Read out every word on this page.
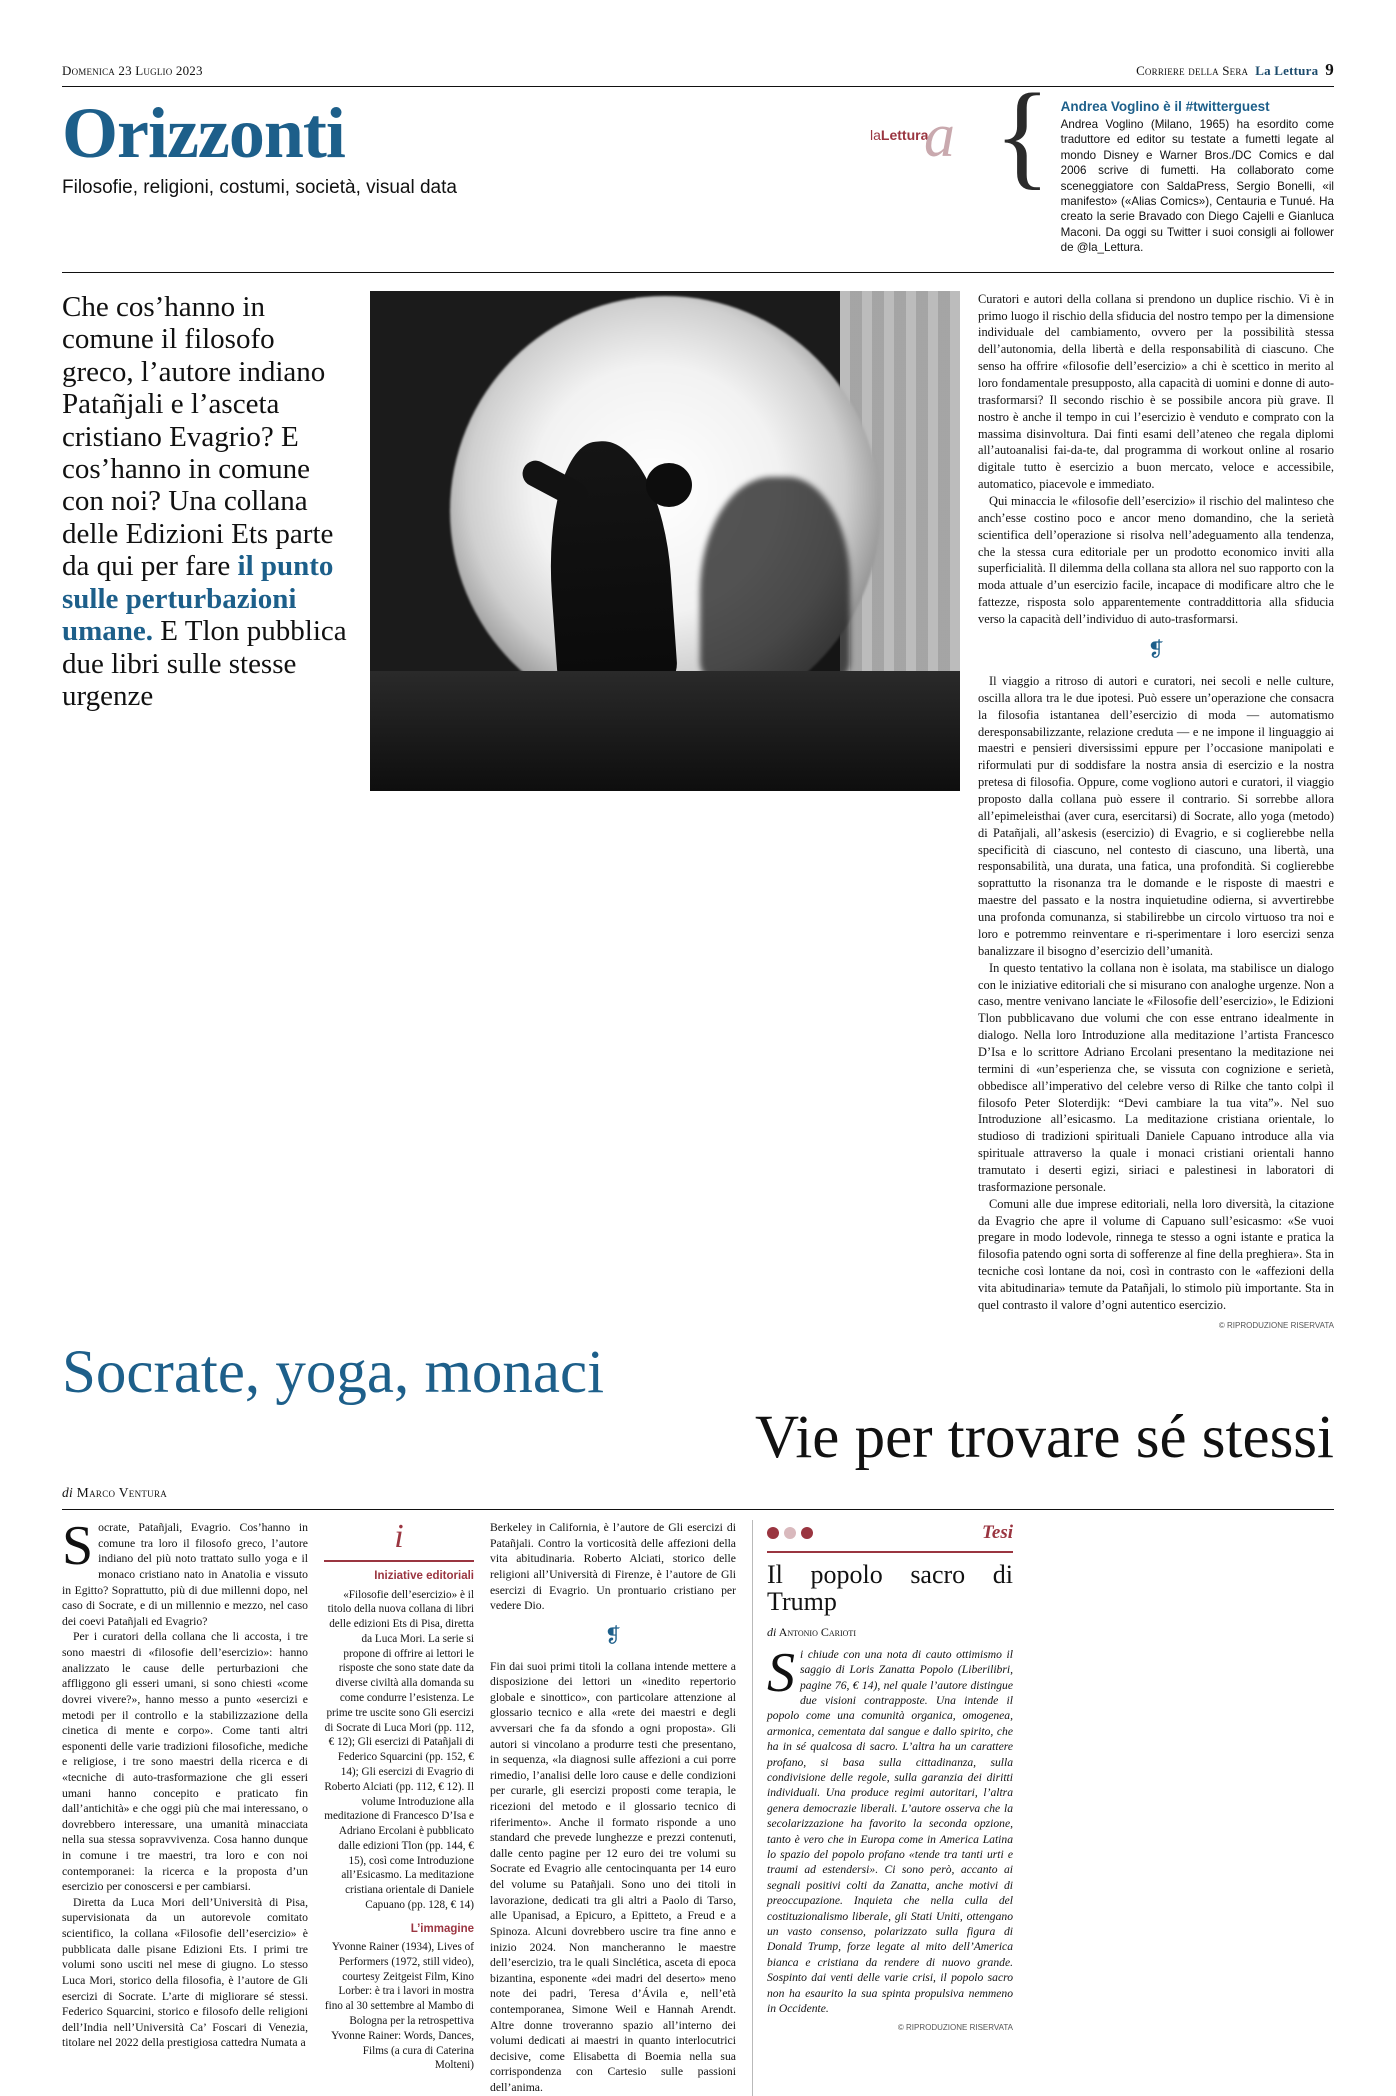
Domenica 23 Luglio 2023	Corriere della Sera La Lettura 9
Orizzonti
Filosofie, religioni, costumi, società, visual data
laLettura
a { Andrea Voglino è il #twitterguest
Andrea Voglino (Milano, 1965) ha esordito come traduttore ed editor su testate a fumetti legate al mondo Disney e Warner Bros./DC Comics e dal 2006 scrive di fumetti. Ha collaborato come sceneggiatore con SaldaPress, Sergio Bonelli, «il manifesto» («Alias Comics»), Centauria e Tunué. Ha creato la serie Bravado con Diego Cajelli e Gianluca Maconi. Da oggi su Twitter i suoi consigli ai follower de @la_Lettura.
Che cos’hanno in comune il filosofo greco, l’autore indiano Patañjali e l’asceta cristiano Evagrio? E cos’hanno in comune con noi? Una collana delle Edizioni Ets parte da qui per fare il punto sulle perturbazioni umane. E Tlon pubblica due libri sulle stesse urgenze

Curatori e autori della collana si prendono un duplice rischio. Vi è in primo luogo il rischio della sfiducia del nostro tempo per la dimensione individuale del cambiamento, ovvero per la possibilità stessa dell’autonomia, della libertà e della responsabilità di ciascuno. Che senso ha offrire «filosofie dell’esercizio» a chi è scettico in merito al loro fondamentale presupposto, alla capacità di uomini e donne di auto-trasformarsi? Il secondo rischio è se possibile ancora più grave. Il nostro è anche il tempo in cui l’esercizio è venduto e comprato con la massima disinvoltura. Dai finti esami dell’ateneo che regala diplomi all’autoanalisi fai-da-te, dal programma di workout online al rosario digitale tutto è esercizio a buon mercato, veloce e accessibile, automatico, piacevole e immediato.

Qui minaccia le «filosofie dell’esercizio» il rischio del malinteso che anch’esse costino poco e ancor meno domandino, che la serietà scientifica dell’operazione si risolva nell’adeguamento alla tendenza, che la stessa cura editoriale per un prodotto economico inviti alla superficialità. Il dilemma della collana sta allora nel suo rapporto con la moda attuale d’un esercizio facile, incapace di modificare altro che le fattezze, risposta solo apparentemente contraddittoria alla sfiducia verso la capacità dell’individuo di auto-trasformarsi.

❡

Il viaggio a ritroso di autori e curatori, nei secoli e nelle culture, oscilla allora tra le due ipotesi. Può essere un’operazione che consacra la filosofia istantanea dell’esercizio di moda — automatismo deresponsabilizzante, relazione creduta — e ne impone il linguaggio ai maestri e pensieri diversissimi eppure per l’occasione manipolati e riformulati pur di soddisfare la nostra ansia di esercizio e la nostra pretesa di filosofia. Oppure, come vogliono autori e curatori, il viaggio proposto dalla collana può essere il contrario. Si sorrebbe allora all’epimeleisthai (aver cura, esercitarsi) di Socrate, allo yoga (metodo) di Patañjali, all’askesis (esercizio) di Evagrio, e si coglierebbe nella specificità di ciascuno, nel contesto di ciascuno, una libertà, una responsabilità, una durata, una fatica, una profondità. Si coglierebbe soprattutto la risonanza tra le domande e le risposte di maestri e maestre del passato e la nostra inquietudine odierna, si avvertirebbe una profonda comunanza, si stabilirebbe un circolo virtuoso tra noi e loro e potremmo reinventare e ri-sperimentare i loro esercizi senza banalizzare il bisogno d’esercizio dell’umanità.

In questo tentativo la collana non è isolata, ma stabilisce un dialogo con le iniziative editoriali che si misurano con analoghe urgenze. Non a caso, mentre venivano lanciate le «Filosofie dell’esercizio», le Edizioni Tlon pubblicavano due volumi che con esse entrano idealmente in dialogo. Nella loro Introduzione alla meditazione l’artista Francesco D’Isa e lo scrittore Adriano Ercolani presentano la meditazione nei termini di «un’esperienza che, se vissuta con cognizione e serietà, obbedisce all’imperativo del celebre verso di Rilke che tanto colpì il filosofo Peter Sloterdijk: “Devi cambiare la tua vita”». Nel suo Introduzione all’esicasmo. La meditazione cristiana orientale, lo studioso di tradizioni spirituali Daniele Capuano introduce alla via spirituale attraverso la quale i monaci cristiani orientali hanno tramutato i deserti egizi, siriaci e palestinesi in laboratori di trasformazione personale.

Comuni alle due imprese editoriali, nella loro diversità, la citazione da Evagrio che apre il volume di Capuano sull’esicasmo: «Se vuoi pregare in modo lodevole, rinnega te stesso a ogni istante e pratica la filosofia patendo ogni sorta di sofferenze al fine della preghiera». Sta in tecniche così lontane da noi, così in contrasto con le «affezioni della vita abitudinaria» temute da Patañjali, lo stimolo più importante. Sta in quel contrasto il valore d’ogni autentico esercizio.

© RIPRODUZIONE RISERVATA
Socrate, yoga, monaci
Vie per trovare sé stessi
di Marco Ventura

Socrate, Patañjali, Evagrio. Cos’hanno in comune tra loro il filosofo greco, l’autore indiano del più noto trattato sullo yoga e il monaco cristiano nato in Anatolia e vissuto in Egitto? Soprattutto, più di due millenni dopo, nel caso di Socrate, e di un millennio e mezzo, nel caso dei coevi Patañjali ed Evagrio?

Per i curatori della collana che li accosta, i tre sono maestri di «filosofie dell’esercizio»: hanno analizzato le cause delle perturbazioni che affliggono gli esseri umani, si sono chiesti «come dovrei vivere?», hanno messo a punto «esercizi e metodi per il controllo e la stabilizzazione della cinetica di mente e corpo». Come tanti altri esponenti delle varie tradizioni filosofiche, mediche e religiose, i tre sono maestri della ricerca e di «tecniche di auto-trasformazione che gli esseri umani hanno concepito e praticato fin dall’antichità» e che oggi più che mai interessano, o dovrebbero interessare, una umanità minacciata nella sua stessa sopravvivenza. Cosa hanno dunque in comune i tre maestri, tra loro e con noi contemporanei: la ricerca e la proposta d’un esercizio per conoscersi e per cambiarsi.

Diretta da Luca Mori dell’Università di Pisa, supervisionata da un autorevole comitato scientifico, la collana «Filosofie dell’esercizio» è pubblicata dalle pisane Edizioni Ets. I primi tre volumi sono usciti nel mese di giugno. Lo stesso Luca Mori, storico della filosofia, è l’autore de Gli esercizi di Socrate. L’arte di migliorare sé stessi. Federico Squarcini, storico e filosofo delle religioni dell’India nell’Università Ca’ Foscari di Venezia, titolare nel 2022 della prestigiosa cattedra Numata a

i
Iniziative editoriali
«Filosofie dell’esercizio» è il titolo della nuova collana di libri delle edizioni Ets di Pisa, diretta da Luca Mori. La serie si propone di offrire ai lettori le risposte che sono state date da diverse civiltà alla domanda su come condurre l’esistenza. Le prime tre uscite sono Gli esercizi di Socrate di Luca Mori (pp. 112, € 12); Gli esercizi di Patañjali di Federico Squarcini (pp. 152, € 14); Gli esercizi di Evagrio di Roberto Alciati (pp. 112, € 12). Il volume Introduzione alla meditazione di Francesco D’Isa e Adriano Ercolani è pubblicato dalle edizioni Tlon (pp. 144, € 15), così come Introduzione all’Esicasmo. La meditazione cristiana orientale di Daniele Capuano (pp. 128, € 14)
L’immagine
Yvonne Rainer (1934), Lives of Performers (1972, still video), courtesy Zeitgeist Film, Kino Lorber: è tra i lavori in mostra fino al 30 settembre al Mambo di Bologna per la retrospettiva Yvonne Rainer: Words, Dances, Films (a cura di Caterina Molteni)

Berkeley in California, è l’autore de Gli esercizi di Patañjali. Contro la vorticosità delle affezioni della vita abitudinaria. Roberto Alciati, storico delle religioni all’Università di Firenze, è l’autore de Gli esercizi di Evagrio. Un prontuario cristiano per vedere Dio.

❡

Fin dai suoi primi titoli la collana intende mettere a disposizione dei lettori un «inedito repertorio globale e sinottico», con particolare attenzione al glossario tecnico e alla «rete dei maestri e degli avversari che fa da sfondo a ogni proposta». Gli autori si vincolano a produrre testi che presentano, in sequenza, «la diagnosi sulle affezioni a cui porre rimedio, l’analisi delle loro cause e delle condizioni per curarle, gli esercizi proposti come terapia, le ricezioni del metodo e il glossario tecnico di riferimento». Anche il formato risponde a uno standard che prevede lunghezze e prezzi contenuti, dalle cento pagine per 12 euro dei tre volumi su Socrate ed Evagrio alle centocinquanta per 14 euro del volume su Patañjali. Sono uno dei titoli in lavorazione, dedicati tra gli altri a Paolo di Tarso, alle Upanisad, a Epicuro, a Epitteto, a Freud e a Spinoza. Alcuni dovrebbero uscire tra fine anno e inizio 2024. Non mancheranno le maestre dell’esercizio, tra le quali Sinclética, asceta di epoca bizantina, esponente «dei madri del deserto» meno note dei padri, Teresa d’Ávila e, nell’età contemporanea, Simone Weil e Hannah Arendt. Altre donne troveranno spazio all’interno dei volumi dedicati ai maestri in quanto interlocutrici decisive, come Elisabetta di Boemia nella sua corrispondenza con Cartesio sulle passioni dell’anima.

Tesi
Il popolo sacro di Trump
di Antonio Carioti

Si chiude con una nota di cauto ottimismo il saggio di Loris Zanatta Popolo (Liberilibri, pagine 76, € 14), nel quale l’autore distingue due visioni contrapposte. Una intende il popolo come una comunità organica, omogenea, armonica, cementata dal sangue e dallo spirito, che ha in sé qualcosa di sacro. L’altra ha un carattere profano, si basa sulla cittadinanza, sulla condivisione delle regole, sulla garanzia dei diritti individuali. Una produce regimi autoritari, l’altra genera democrazie liberali. L’autore osserva che la secolarizzazione ha favorito la seconda opzione, tanto è vero che in Europa come in America Latina lo spazio del popolo profano «tende tra tanti urti e traumi ad estendersi». Ci sono però, accanto ai segnali positivi colti da Zanatta, anche motivi di preoccupazione. Inquieta che nella culla del costituzionalismo liberale, gli Stati Uniti, ottengano un vasto consenso, polarizzato sulla figura di Donald Trump, forze legate al mito dell’America bianca e cristiana da rendere di nuovo grande. Sospinto dai venti delle varie crisi, il popolo sacro non ha esaurito la sua spinta propulsiva nemmeno in Occidente.

© RIPRODUZIONE RISERVATA
